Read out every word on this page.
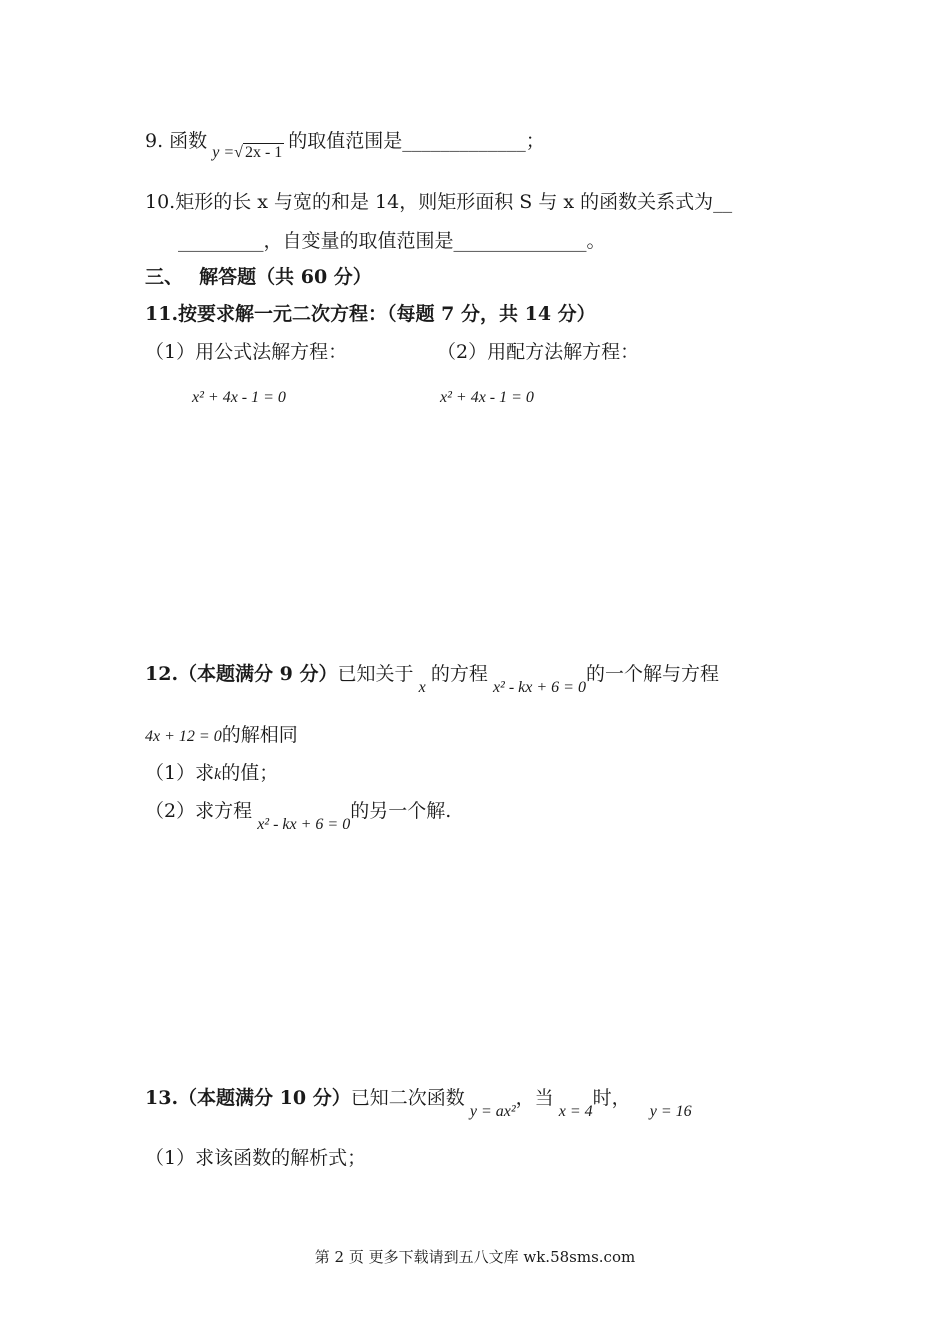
9. 函数 y =√ 2x - 1 的取值范围是_____________；
10.矩形的长 x 与宽的和是 14，则矩形面积 S 与 x 的函数关系式为__
_________，自变量的取值范围是______________。
三、　 解答题（共 60 分）
11.按要求解一元二次方程：（每题 7 分，共 14 分）
（1）用公式法解方程：	（2）用配方法解方程：
x² + 4x - 1 = 0	x² + 4x - 1 = 0
12.（本题满分 9 分）已知关于 x 的方程 x² - kx + 6 = 0的一个解与方程
4x + 12 = 0的解相同
（1）求k的值；
（2）求方程 x² - kx + 6 = 0的另一个解.
13.（本题满分 10 分）已知二次函数 y = ax²，当 x = 4时， y = 16
（1）求该函数的解析式；
第 2 页 更多下载请到五八文库 wk.58sms.com
